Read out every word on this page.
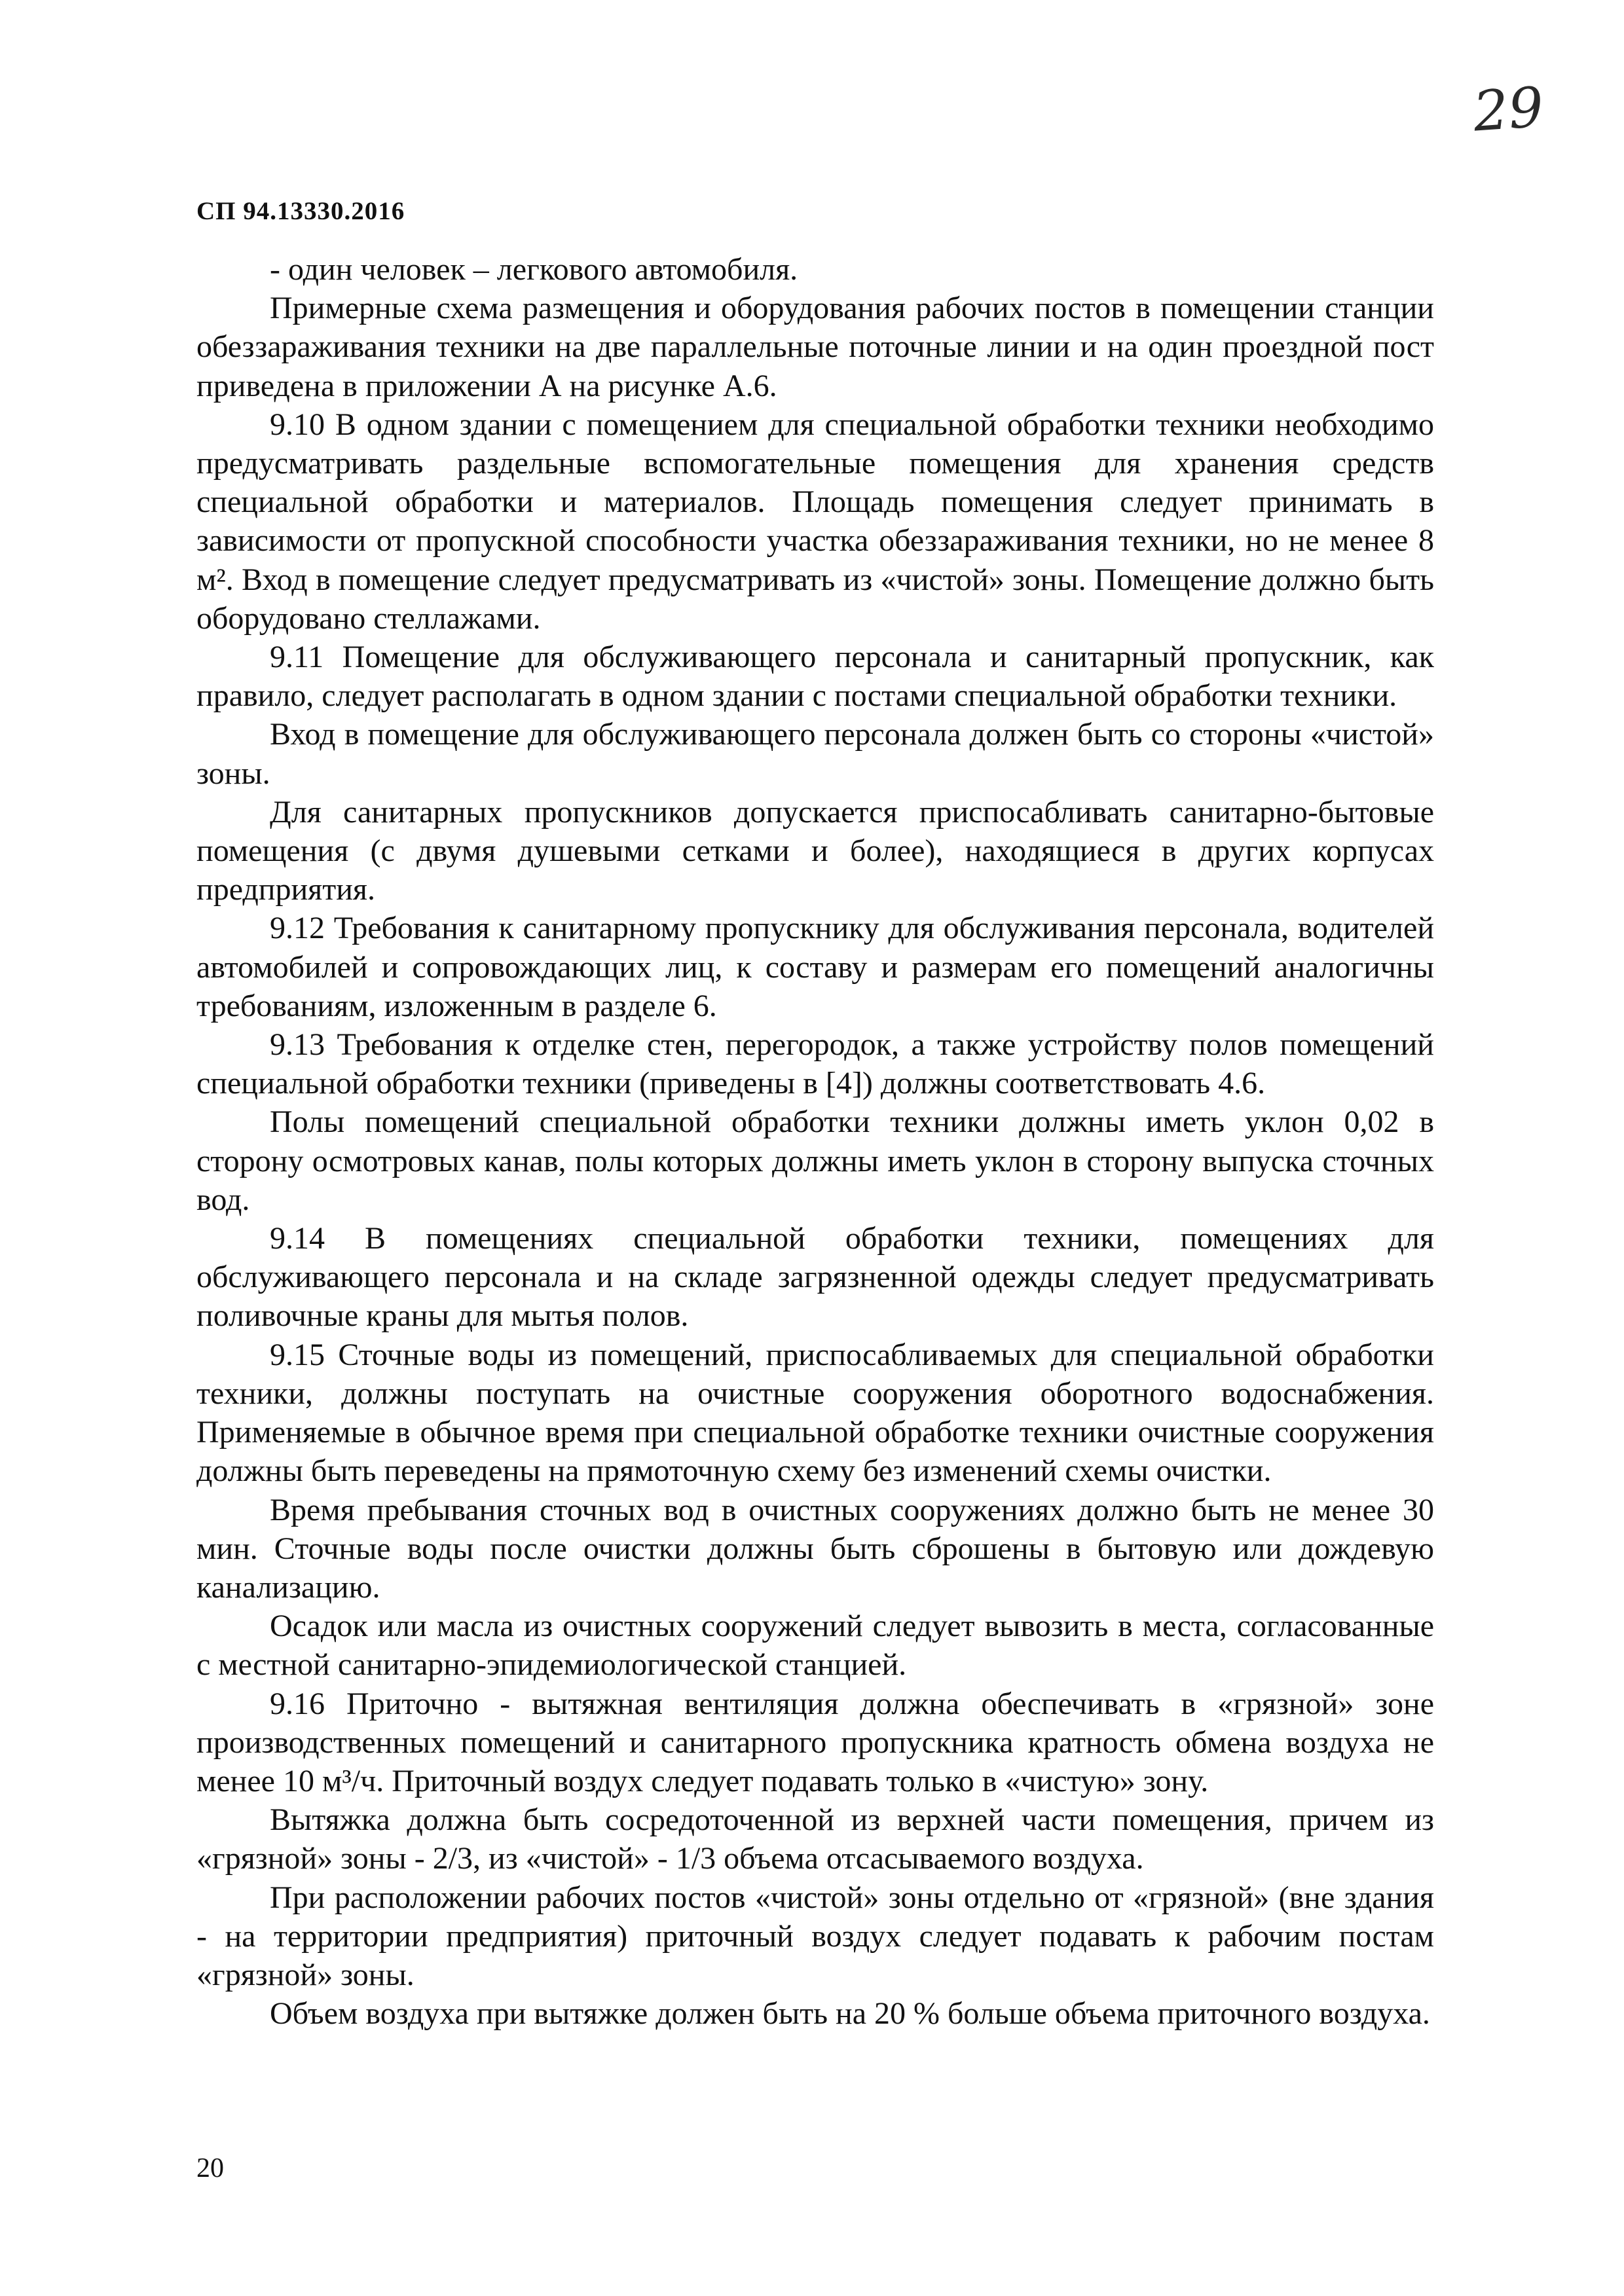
29
СП 94.13330.2016

- один человек – легкового автомобиля.

Примерные схема размещения и оборудования рабочих постов в помещении станции обеззараживания техники на две параллельные поточные линии и на один проездной пост приведена в приложении А на рисунке А.6.

9.10 В одном здании с помещением для специальной обработки техники необходимо предусматривать раздельные вспомогательные помещения для хранения средств специальной обработки и материалов. Площадь помещения следует принимать в зависимости от пропускной способности участка обеззараживания техники, но не менее 8 м². Вход в помещение следует предусматривать из «чистой» зоны. Помещение должно быть оборудовано стеллажами.

9.11 Помещение для обслуживающего персонала и санитарный пропускник, как правило, следует располагать в одном здании с постами специальной обработки техники.

Вход в помещение для обслуживающего персонала должен быть со стороны «чистой» зоны.

Для санитарных пропускников допускается приспосабливать санитарно-бытовые помещения (с двумя душевыми сетками и более), находящиеся в других корпусах предприятия.

9.12 Требования к санитарному пропускнику для обслуживания персонала, водителей автомобилей и сопровождающих лиц, к составу и размерам его помещений аналогичны требованиям, изложенным в разделе 6.

9.13 Требования к отделке стен, перегородок, а также устройству полов помещений специальной обработки техники (приведены в [4]) должны соответствовать 4.6.

Полы помещений специальной обработки техники должны иметь уклон 0,02 в сторону осмотровых канав, полы которых должны иметь уклон в сторону выпуска сточных вод.

9.14 В помещениях специальной обработки техники, помещениях для обслуживающего персонала и на складе загрязненной одежды следует предусматривать поливочные краны для мытья полов.

9.15 Сточные воды из помещений, приспосабливаемых для специальной обработки техники, должны поступать на очистные сооружения оборотного водоснабжения. Применяемые в обычное время при специальной обработке техники очистные сооружения должны быть переведены на прямоточную схему без изменений схемы очистки.

Время пребывания сточных вод в очистных сооружениях должно быть не менее 30 мин. Сточные воды после очистки должны быть сброшены в бытовую или дождевую канализацию.

Осадок или масла из очистных сооружений следует вывозить в места, согласованные с местной санитарно-эпидемиологической станцией.

9.16 Приточно - вытяжная вентиляция должна обеспечивать в «грязной» зоне производственных помещений и санитарного пропускника кратность обмена воздуха не менее 10 м³/ч. Приточный воздух следует подавать только в «чистую» зону.

Вытяжка должна быть сосредоточенной из верхней части помещения, причем из «грязной» зоны - 2/3, из «чистой» - 1/3 объема отсасываемого воздуха.

При расположении рабочих постов «чистой» зоны отдельно от «грязной» (вне здания - на территории предприятия) приточный воздух следует подавать к рабочим постам «грязной» зоны.

Объем воздуха при вытяжке должен быть на 20 % больше объема приточного воздуха.

20
